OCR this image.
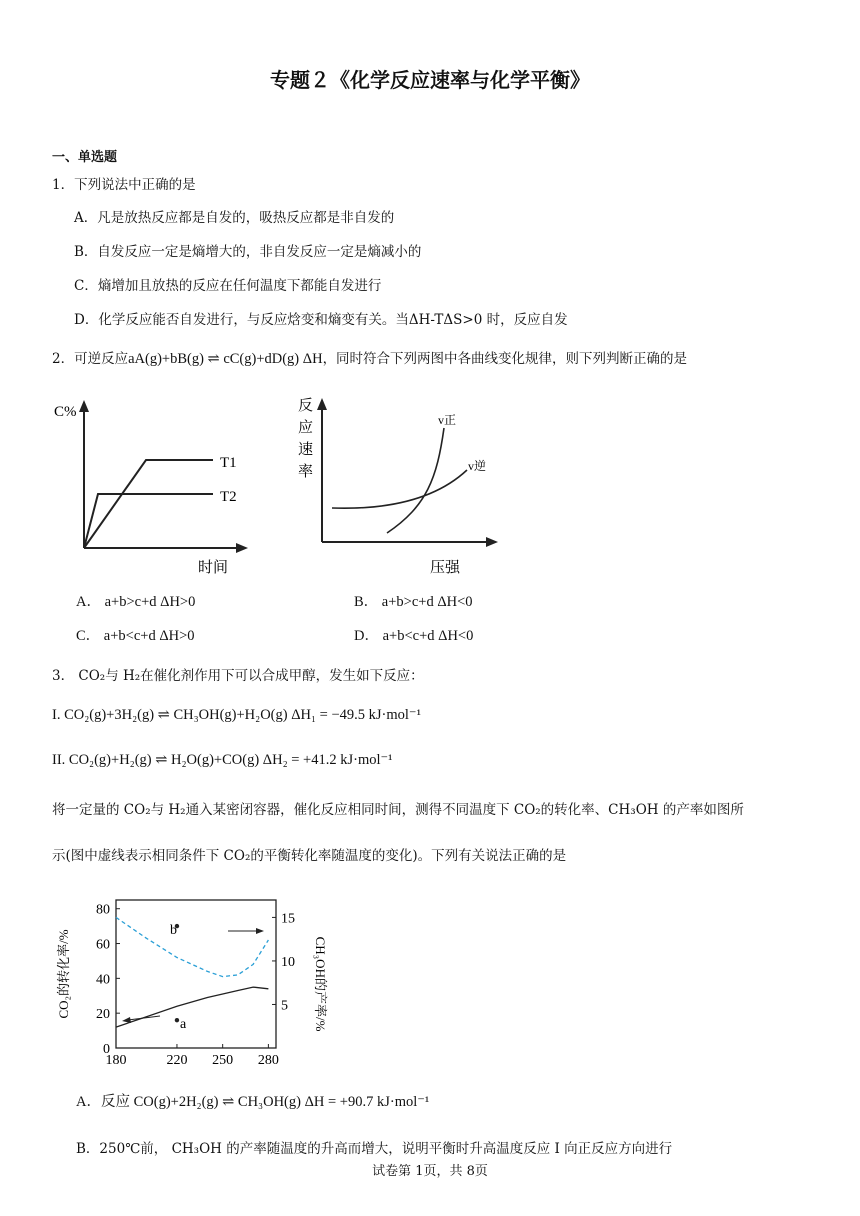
专题２《化学反应速率与化学平衡》
一、单选题
1．下列说法中正确的是
A．凡是放热反应都是自发的，吸热反应都是非自发的
B．自发反应一定是熵增大的，非自发反应一定是熵减小的
C．熵增加且放热的反应在任何温度下都能自发进行
D．化学反应能否自发进行，与反应焓变和熵变有关。当ΔH-TΔS>0 时，反应自发
2．可逆反应aA(g)+bB(g) ⇌ cC(g)+dD(g) ΔH，同时符合下列两图中各曲线变化规律，则下列判断正确的是
C%
T1
T2
时间
反
应
速
率
v正
v逆
压强
A． a+b>c+d ΔH>0	B． a+b>c+d ΔH<0
C． a+b<c+d ΔH>0	D． a+b<c+d ΔH<0
3． CO₂与 H₂在催化剂作用下可以合成甲醇，发生如下反应：
I. CO₂(g)+3H₂(g) ⇌ CH₃OH(g)+H₂O(g) ΔH₁ = −49.5 kJ·mol⁻¹
II. CO₂(g)+H₂(g) ⇌ H₂O(g)+CO(g) ΔH₂ = +41.2 kJ·mol⁻¹
将一定量的 CO₂与 H₂通入某密闭容器，催化反应相同时间，测得不同温度下 CO₂的转化率、CH₃OH 的产率如图所
示(图中虚线表示相同条件下 CO₂的平衡转化率随温度的变化)。下列有关说法正确的是
CO₂的转化率/%	CH₃OH的产率/%
80
60
40
20
0
15
10
5
180	220 250 280
b
a
A．反应 CO(g)+2H₂(g) ⇌ CH₃OH(g) ΔH = +90.7 kJ·mol⁻¹
B．250℃前， CH₃OH 的产率随温度的升高而增大，说明平衡时升高温度反应 I 向正反应方向进行
试卷第 1页，共 8页
